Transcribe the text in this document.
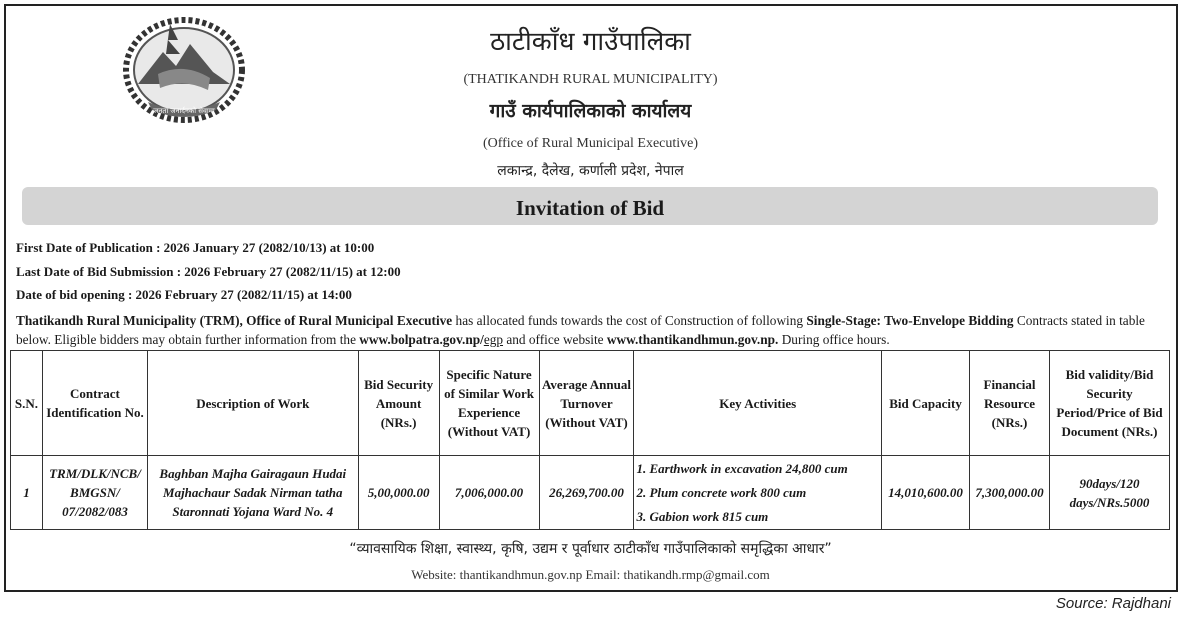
जनता जनार्दनको सेवामा
ठाटीकाँध गाउँपालिका
(THATIKANDH RURAL MUNICIPALITY)
गाउँ कार्यपालिकाको कार्यालय
(Office of Rural Municipal Executive)
लकान्द्र, दैलेख, कर्णाली प्रदेश, नेपाल
Invitation of Bid
First Date of Publication : 2026 January 27 (2082/10/13) at 10:00
Last Date of Bid Submission : 2026 February 27 (2082/11/15) at 12:00
Date of bid opening : 2026 February 27 (2082/11/15) at 14:00
Thatikandh Rural Municipality (TRM), Office of Rural Municipal Executive has allocated funds towards the cost of Construction of following Single-Stage: Two-Envelope Bidding Contracts stated in table below. Eligible bidders may obtain further information from the www.bolpatra.gov.np/egp and office website www.thantikandhmun.gov.np. During office hours.
S.N.	Contract Identification No.	Description of Work	Bid Security Amount (NRs.)	Specific Nature of Similar Work Experience (Without VAT)	Average Annual Turnover (Without VAT)	Key Activities	Bid Capacity	Financial Resource (NRs.)	Bid validity/Bid Security Period/Price of Bid Document (NRs.)
1	TRM/DLK/NCB/ BMGSN/ 07/2082/083	Baghban Majha Gairagaun Hudai Majhachaur Sadak Nirman tatha Staronnati Yojana Ward No. 4	5,00,000.00	7,006,000.00	26,269,700.00	1. Earthwork in excavation 24,800 cum
2. Plum concrete work 800 cum
3. Gabion work 815 cum	14,010,600.00	7,300,000.00	90days/120 days/NRs.5000
“व्यावसायिक शिक्षा, स्वास्थ्य, कृषि, उद्यम र पूर्वाधार ठाटीकाँध गाउँपालिकाको समृद्धिका आधार”
Website: thantikandhmun.gov.np Email: thatikandh.rmp@gmail.com
Source: Rajdhani
